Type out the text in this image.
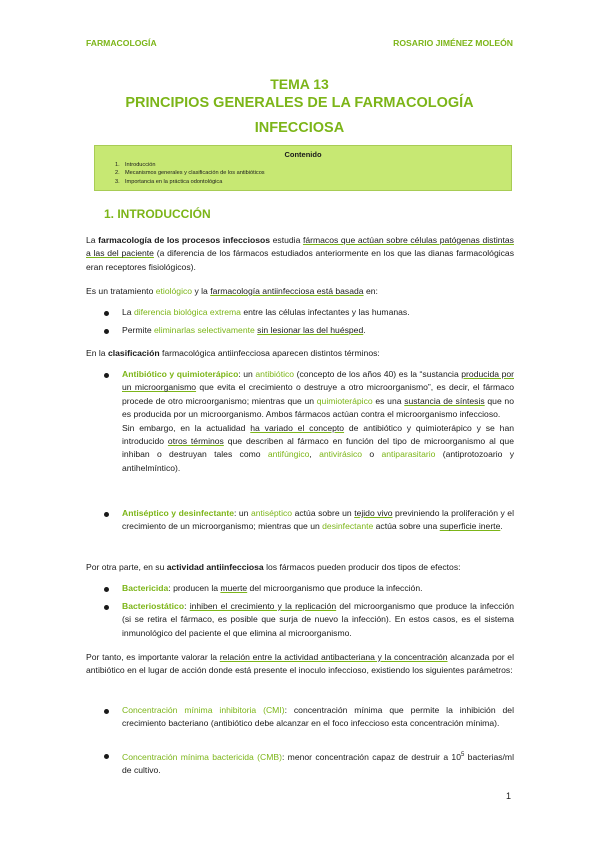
FARMACOLOGÍA	ROSARIO JIMÉNEZ MOLEÓN
TEMA 13
PRINCIPIOS GENERALES DE LA FARMACOLOGÍA
INFECCIOSA
Contenido
1. Introducción
2. Mecanismos generales y clasificación de los antibióticos
3. Importancia en la práctica odontológica
1. INTRODUCCIÓN
La farmacología de los procesos infecciosos estudia fármacos que actúan sobre células patógenas distintas a las del paciente (a diferencia de los fármacos estudiados anteriormente en los que las dianas farmacológicas eran receptores fisiológicos).
Es un tratamiento etiológico y la farmacología antiinfecciosa está basada en:
La diferencia biológica extrema entre las células infectantes y las humanas.
Permite eliminarlas selectivamente sin lesionar las del huésped.
En la clasificación farmacológica antiinfecciosa aparecen distintos términos:
Antibiótico y quimioterápico: un antibiótico (concepto de los años 40) es la “sustancia producida por un microorganismo que evita el crecimiento o destruye a otro microorganismo”, es decir, el fármaco procede de otro microorganismo; mientras que un quimioterápico es una sustancia de síntesis que no es producida por un microorganismo. Ambos fármacos actúan contra el microorganismo infeccioso.
Sin embargo, en la actualidad ha variado el concepto de antibiótico y quimioterápico y se han introducido otros términos que describen al fármaco en función del tipo de microorganismo al que inhiban o destruyan tales como antifúngico, antivirásico o antiparasitario (antiprotozoario y antihelmíntico).
Antiséptico y desinfectante: un antiséptico actúa sobre un tejido vivo previniendo la proliferación y el crecimiento de un microorganismo; mientras que un desinfectante actúa sobre una superficie inerte.
Por otra parte, en su actividad antiinfecciosa los fármacos pueden producir dos tipos de efectos:
Bactericida: producen la muerte del microorganismo que produce la infección.
Bacteriostático: inhiben el crecimiento y la replicación del microorganismo que produce la infección (si se retira el fármaco, es posible que surja de nuevo la infección). En estos casos, es el sistema inmunológico del paciente el que elimina al microorganismo.
Por tanto, es importante valorar la relación entre la actividad antibacteriana y la concentración alcanzada por el antibiótico en el lugar de acción donde está presente el inoculo infeccioso, existiendo los siguientes parámetros:
Concentración mínima inhibitoria (CMI): concentración mínima que permite la inhibición del crecimiento bacteriano (antibiótico debe alcanzar en el foco infeccioso esta concentración mínima).
Concentración mínima bactericida (CMB): menor concentración capaz de destruir a $10^5$ bacterias/ml de cultivo.
1
